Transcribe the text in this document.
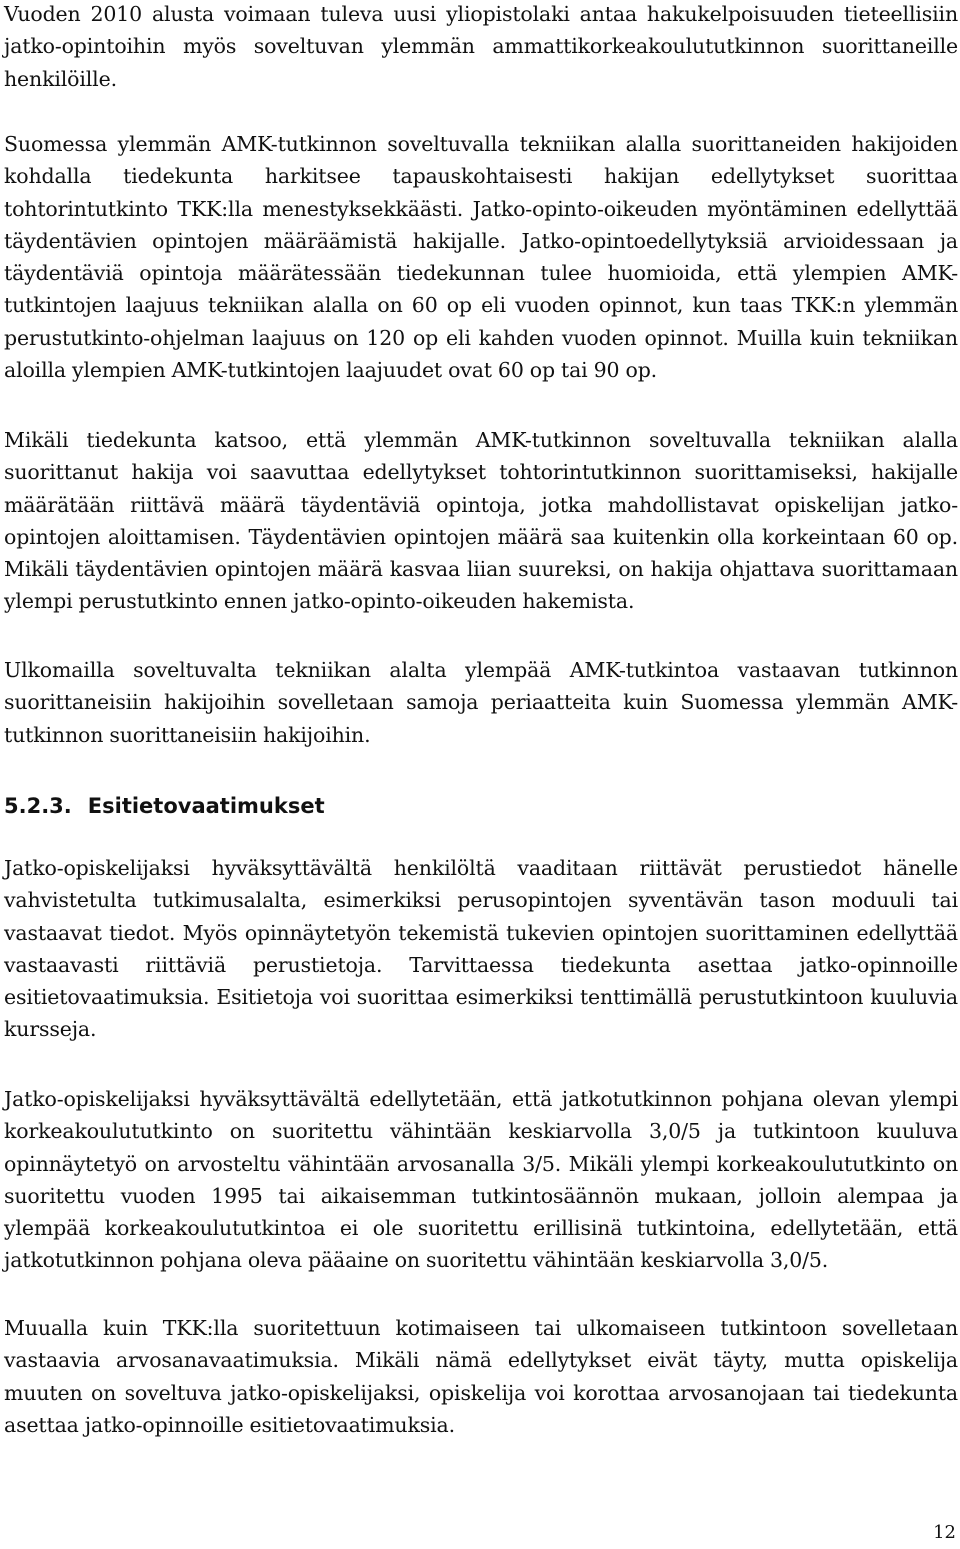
Vuoden 2010 alusta voimaan tuleva uusi yliopistolaki antaa hakukelpoisuuden tieteellisiin jatko-opintoihin myös soveltuvan ylemmän ammattikorkeakoulututkinnon suorittaneille henkilöille.

Suomessa ylemmän AMK-tutkinnon soveltuvalla tekniikan alalla suorittaneiden hakijoiden kohdalla tiedekunta harkitsee tapauskohtaisesti hakijan edellytykset suorittaa tohtorintutkinto TKK:lla menestyksekkäästi. Jatko-opinto-oikeuden myöntäminen edellyttää täydentävien opintojen määräämistä hakijalle. Jatko-opintoedellytyksiä arvioidessaan ja täydentäviä opintoja määrätessään tiedekunnan tulee huomioida, että ylempien AMK-tutkintojen laajuus tekniikan alalla on 60 op eli vuoden opinnot, kun taas TKK:n ylemmän perustutkinto-ohjelman laajuus on 120 op eli kahden vuoden opinnot. Muilla kuin tekniikan aloilla ylempien AMK-tutkintojen laajuudet ovat 60 op tai 90 op.

Mikäli tiedekunta katsoo, että ylemmän AMK-tutkinnon soveltuvalla tekniikan alalla suorittanut hakija voi saavuttaa edellytykset tohtorintutkinnon suorittamiseksi, hakijalle määrätään riittävä määrä täydentäviä opintoja, jotka mahdollistavat opiskelijan jatko-opintojen aloittamisen. Täydentävien opintojen määrä saa kuitenkin olla korkeintaan 60 op. Mikäli täydentävien opintojen määrä kasvaa liian suureksi, on hakija ohjattava suorittamaan ylempi perustutkinto ennen jatko-opinto-oikeuden hakemista.

Ulkomailla soveltuvalta tekniikan alalta ylempää AMK-tutkintoa vastaavan tutkinnon suorittaneisiin hakijoihin sovelletaan samoja periaatteita kuin Suomessa ylemmän AMK-tutkinnon suorittaneisiin hakijoihin.

5.2.3. Esitietovaatimukset

Jatko-opiskelijaksi hyväksyttävältä henkilöltä vaaditaan riittävät perustiedot hänelle vahvistetulta tutkimusalalta, esimerkiksi perusopintojen syventävän tason moduuli tai vastaavat tiedot. Myös opinnäytetyön tekemistä tukevien opintojen suorittaminen edellyttää vastaavasti riittäviä perustietoja. Tarvittaessa tiedekunta asettaa jatko-opinnoille esitietovaatimuksia. Esitietoja voi suorittaa esimerkiksi tenttimällä perustutkintoon kuuluvia kursseja.

Jatko-opiskelijaksi hyväksyttävältä edellytetään, että jatkotutkinnon pohjana olevan ylempi korkeakoulututkinto on suoritettu vähintään keskiarvolla 3,0/5 ja tutkintoon kuuluva opinnäytetyö on arvosteltu vähintään arvosanalla 3/5. Mikäli ylempi korkeakoulututkinto on suoritettu vuoden 1995 tai aikaisemman tutkintosäännön mukaan, jolloin alempaa ja ylempää korkeakoulututkintoa ei ole suoritettu erillisinä tutkintoina, edellytetään, että jatkotutkinnon pohjana oleva pääaine on suoritettu vähintään keskiarvolla 3,0/5.

Muualla kuin TKK:lla suoritettuun kotimaiseen tai ulkomaiseen tutkintoon sovelletaan vastaavia arvosanavaatimuksia. Mikäli nämä edellytykset eivät täyty, mutta opiskelija muuten on soveltuva jatko-opiskelijaksi, opiskelija voi korottaa arvosanojaan tai tiedekunta asettaa jatko-opinnoille esitietovaatimuksia.

12
